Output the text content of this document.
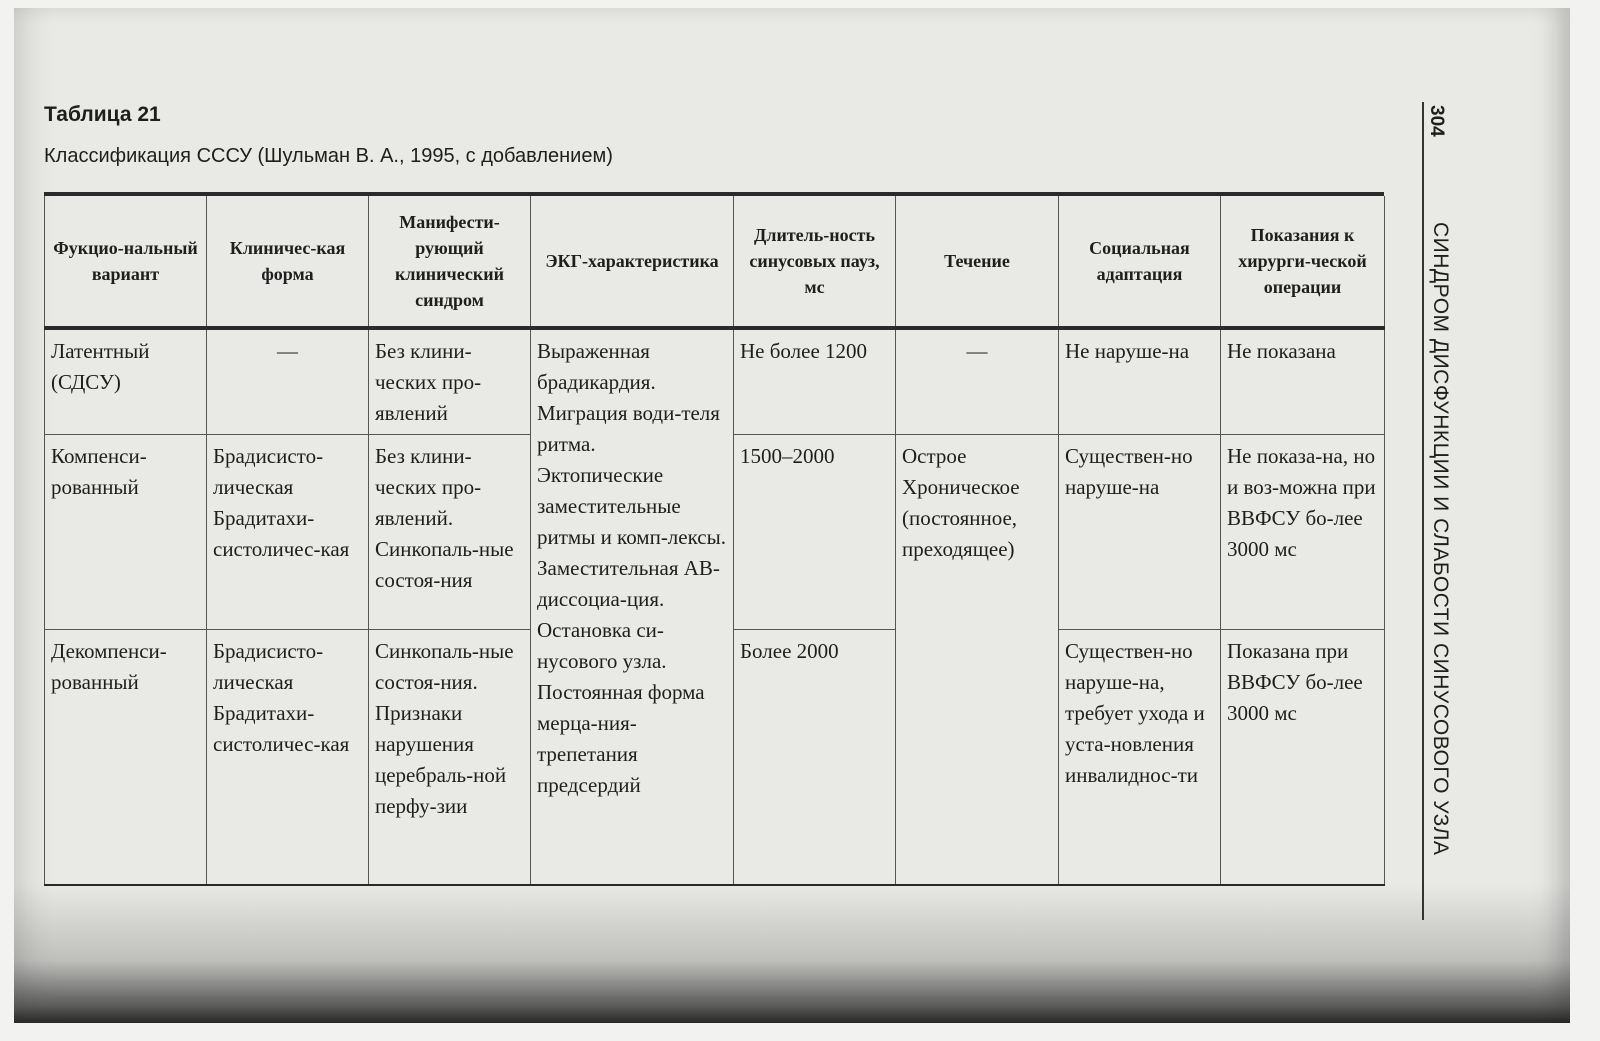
Таблица 21
Классификация СССУ (Шульман В. А., 1995, с добавлением)
Фукцио-нальный вариант	Клиничес-кая форма	Манифести-рующий клинический синдром	ЭКГ-характеристика	Длитель-ность синусовых пауз, мс	Течение	Социальная адаптация	Показания к хирурги-ческой операции
Латентный (СДСУ)	—	Без клини-ческих про-явлений	Выраженная брадикардия. Миграция води-теля ритма. Эктопические заместительные ритмы и комп-лексы. Заместительная АВ-диссоциа-ция. Остановка си-нусового узла. Постоянная форма мерца-ния-трепетания предсердий	Не более 1200	—	Не наруше-на	Не показана
Компенси-рованный	Брадисисто-лическая Брадитахи-систоличес-кая	Без клини-ческих про-явлений. Синкопаль-ные состоя-ния		1500–2000	Острое Хроническое (постоянное, преходящее)	Существен-но наруше-на	Не показа-на, но и воз-можна при ВВФСУ бо-лее 3000 мс
Декомпенси-рованный	Брадисисто-лическая Брадитахи-систоличес-кая	Синкопаль-ные состоя-ния. Признаки нарушения церебраль-ной перфу-зии		Более 2000		Существен-но наруше-на, требует ухода и уста-новления инвалиднос-ти	Показана при ВВФСУ бо-лее 3000 мс
304
СИНДРОМ ДИСФУНКЦИИ И СЛАБОСТИ СИНУСОВОГО УЗЛА
